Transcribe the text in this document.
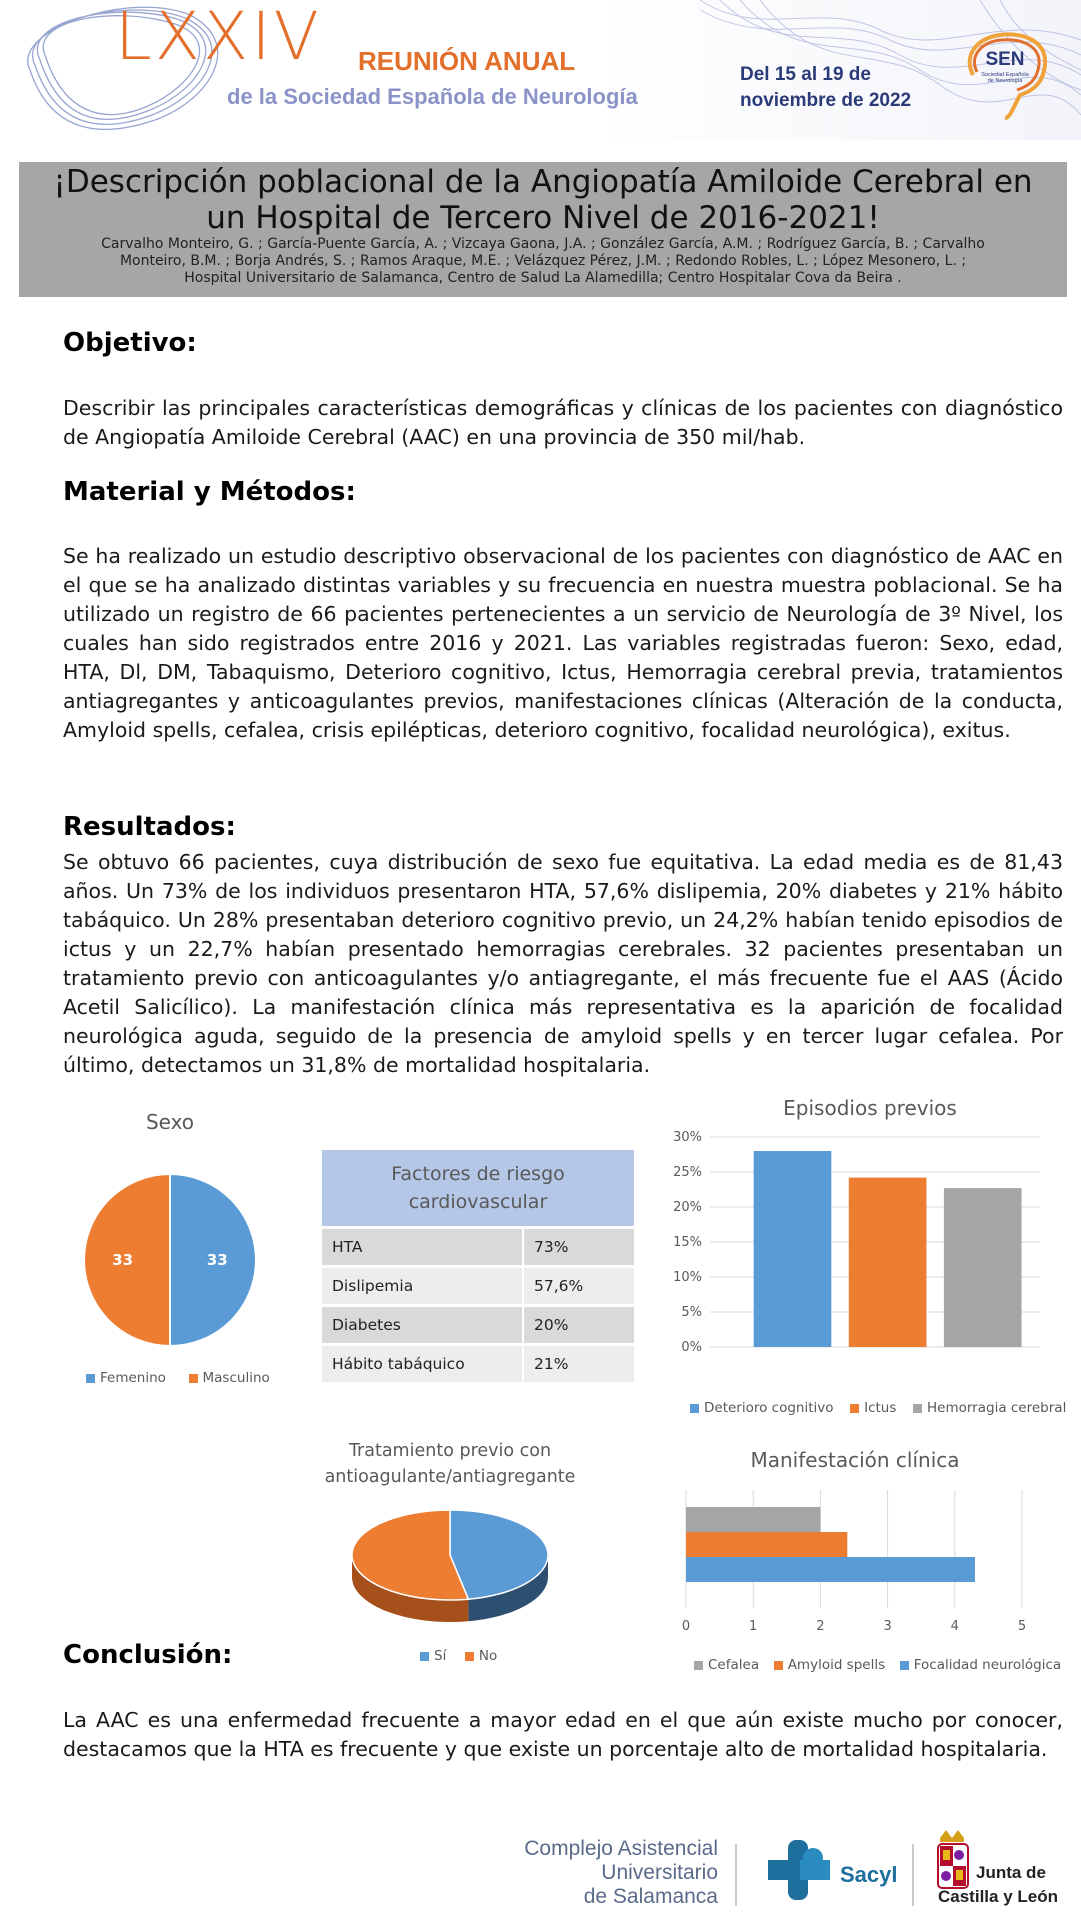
LXXIV REUNIÓN ANUAL
de la Sociedad Española de Neurología
Del 15 al 19 de
noviembre de 2022
SEN
Sociedad Española
de Neurología
¡Descripción poblacional de la Angiopatía Amiloide Cerebral en
un Hospital de Tercero Nivel de 2016-2021!
Carvalho Monteiro, G. ; García-Puente García, A. ; Vizcaya Gaona, J.A. ; González García, A.M. ; Rodríguez García, B. ; Carvalho
Monteiro, B.M. ; Borja Andrés, S. ; Ramos Araque, M.E. ; Velázquez Pérez, J.M. ; Redondo Robles, L. ; López Mesonero, L. ;
Hospital Universitario de Salamanca, Centro de Salud La Alamedilla; Centro Hospitalar Cova da Beira .
Objetivo:
Describir las principales características demográficas y clínicas de los pacientes con diagnóstico de Angiopatía Amiloide Cerebral (AAC) en una provincia de 350 mil/hab.
Material y Métodos:
Se ha realizado un estudio descriptivo observacional de los pacientes con diagnóstico de AAC en el que se ha analizado distintas variables y su frecuencia en nuestra muestra poblacional. Se ha utilizado un registro de 66 pacientes pertenecientes a un servicio de Neurología de 3º Nivel, los cuales han sido registrados entre 2016 y 2021. Las variables registradas fueron: Sexo, edad, HTA, Dl, DM, Tabaquismo, Deterioro cognitivo, Ictus, Hemorragia cerebral previa, tratamientos antiagregantes y anticoagulantes previos, manifestaciones clínicas (Alteración de la conducta, Amyloid spells, cefalea, crisis epilépticas, deterioro cognitivo, focalidad neurológica), exitus.
Resultados:
Se obtuvo 66 pacientes, cuya distribución de sexo fue equitativa. La edad media es de 81,43 años. Un 73% de los individuos presentaron HTA, 57,6% dislipemia, 20% diabetes y 21% hábito tabáquico. Un 28% presentaban deterioro cognitivo previo, un 24,2% habían tenido episodios de ictus y un 22,7% habían presentado hemorragias cerebrales. 32 pacientes presentaban un tratamiento previo con anticoagulantes y/o antiagregante, el más frecuente fue el AAS (Ácido Acetil Salicílico). La manifestación clínica más representativa es la aparición de focalidad neurológica aguda, seguido de la presencia de amyloid spells y en tercer lugar cefalea. Por último, detectamos un 31,8% de mortalidad hospitalaria.
Sexo
33
33
Femenino	Masculino
Factores de riesgo
cardiovascular	

HTA	73%
Dislipemia	57,6%
Diabetes	20%
Hábito tabáquico	21%
Episodios previos
0%
5%
10%
15%
20%
25%
30%
Deterioro cognitivo Ictus Hemorragia cerebral
Tratamiento previo con
antioagulante/antiagregante
Sí No
Manifestación clínica
0	1	2	3	4	5
Cefalea Amyloid spells Focalidad neurológica
Conclusión:
La AAC es una enfermedad frecuente a mayor edad en el que aún existe mucho por conocer, destacamos que la HTA es frecuente y que existe un porcentaje alto de mortalidad hospitalaria.
Complejo Asistencial
Universitario
de Salamanca
Sacyl	Junta de
Castilla y León
